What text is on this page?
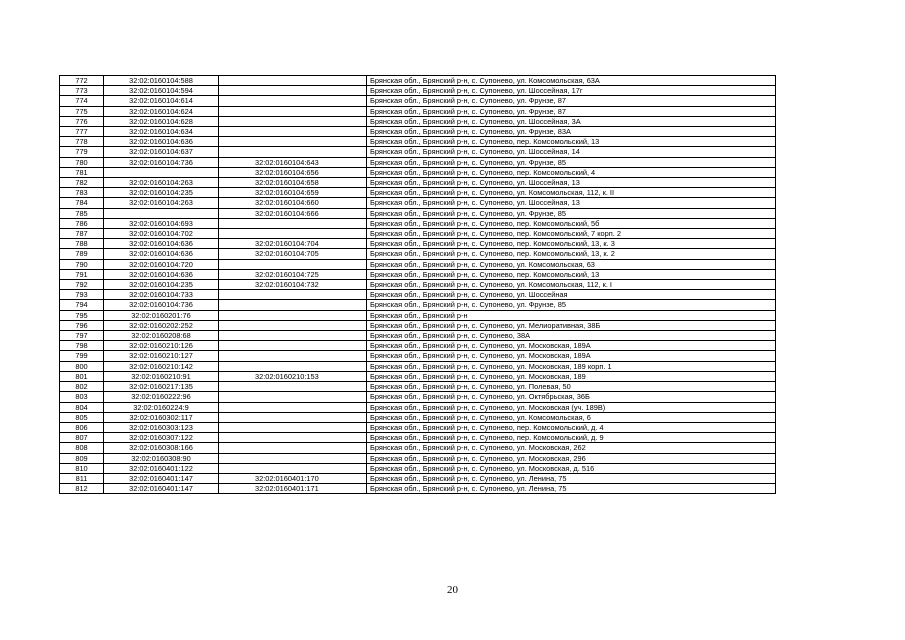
772	32:02:0160104:588		Брянская обл., Брянский р-н, с. Супонево, ул. Комсомольская, 63А
773	32:02:0160104:594		Брянская обл., Брянский р-н, с. Супонево, ул. Шоссейная, 17г
774	32:02:0160104:614		Брянская обл., Брянский р-н, с. Супонево, ул. Фрунзе, 87
775	32:02:0160104:624		Брянская обл., Брянский р-н, с. Супонево, ул. Фрунзе, 87
776	32:02:0160104:628		Брянская обл., Брянский р-н, с. Супонево, ул. Шоссейная, 3А
777	32:02:0160104:634		Брянская обл., Брянский р-н, с. Супонево, ул. Фрунзе, 83А
778	32:02:0160104:636		Брянская обл., Брянский р-н, с. Супонево, пер. Комсомольский, 13
779	32:02:0160104:637		Брянская обл., Брянский р-н, с. Супонево, ул. Шоссейная, 14
780	32:02:0160104:736	32:02:0160104:643	Брянская обл., Брянский р-н, с. Супонево, ул. Фрунзе, 85
781		32:02:0160104:656	Брянская обл., Брянский р-н, с. Супонево, пер. Комсомольский, 4
782	32:02:0160104:263	32:02:0160104:658	Брянская обл., Брянский р-н, с. Супонево, ул. Шоссейная, 13
783	32:02:0160104:235	32:02:0160104:659	Брянская обл., Брянский р-н, с. Супонево, ул. Комсомольская, 112, к. II
784	32:02:0160104:263	32:02:0160104:660	Брянская обл., Брянский р-н, с. Супонево, ул. Шоссейная, 13
785		32:02:0160104:666	Брянская обл., Брянский р-н, с. Супонево, ул. Фрунзе, 85
786	32:02:0160104:693		Брянская обл., Брянский р-н, с. Супонево, пер. Комсомольский, 5б
787	32:02:0160104:702		Брянская обл., Брянский р-н, с. Супонево, пер. Комсомольский, 7 корп. 2
788	32:02:0160104:636	32:02:0160104:704	Брянская обл., Брянский р-н, с. Супонево, пер. Комсомольский, 13, к. 3
789	32:02:0160104:636	32:02:0160104:705	Брянская обл., Брянский р-н, с. Супонево, пер. Комсомольский, 13, к. 2
790	32:02:0160104:720		Брянская обл., Брянский р-н, с. Супонево, ул. Комсомольская, 63
791	32:02:0160104:636	32:02:0160104:725	Брянская обл., Брянский р-н, с. Супонево, пер. Комсомольский, 13
792	32:02:0160104:235	32:02:0160104:732	Брянская обл., Брянский р-н, с. Супонево, ул. Комсомольская, 112, к. I
793	32:02:0160104:733		Брянская обл., Брянский р-н, с. Супонево, ул. Шоссейная
794	32:02:0160104:736		Брянская обл., Брянский р-н, с. Супонево, ул. Фрунзе, 85
795	32:02:0160201:76		Брянская обл., Брянский р-н
796	32:02:0160202:252		Брянская обл., Брянский р-н, с. Супонево, ул. Мелиоративная, 38Б
797	32:02:0160208:68		Брянская обл., Брянский р-н, с. Супонево, 38А
798	32:02:0160210:126		Брянская обл., Брянский р-н, с. Супонево, ул. Московская, 189А
799	32:02:0160210:127		Брянская обл., Брянский р-н, с. Супонево, ул. Московская, 189А
800	32:02:0160210:142		Брянская обл., Брянский р-н, с. Супонево, ул. Московская, 189 корп. 1
801	32:02:0160210:91	32:02:0160210:153	Брянская обл., Брянский р-н, с. Супонево, ул. Московская, 189
802	32:02:0160217:135		Брянская обл., Брянский р-н, с. Супонево, ул. Полевая, 50
803	32:02:0160222:96		Брянская обл., Брянский р-н, с. Супонево, ул. Октябрьская, 36Б
804	32:02:0160224:9		Брянская обл., Брянский р-н, с. Супонево, ул. Московская (уч. 189В)
805	32:02:0160302:117		Брянская обл., Брянский р-н, с. Супонево, ул. Комсомольская, 6
806	32:02:0160303:123		Брянская обл., Брянский р-н, с. Супонево, пер. Комсомольский, д. 4
807	32:02:0160307:122		Брянская обл., Брянский р-н, с. Супонево, пер. Комсомольский, д. 9
808	32:02:0160308:166		Брянская обл., Брянский р-н, с. Супонево, ул. Московская, 262
809	32:02:0160308:90		Брянская обл., Брянский р-н, с. Супонево, ул. Московская, 296
810	32:02:0160401:122		Брянская обл., Брянский р-н, с. Супонево, ул. Московская, д. 516
811	32:02:0160401:147	32:02:0160401:170	Брянская обл., Брянский р-н, с. Супонево, ул. Ленина, 75
812	32:02:0160401:147	32:02:0160401:171	Брянская обл., Брянский р-н, с. Супонево, ул. Ленина, 75
20
